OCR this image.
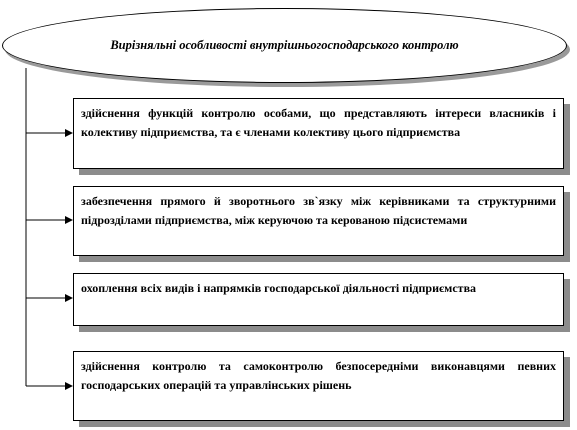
Вирізняльні особливості внутрішньогосподарського контролю
здійснення функцій контролю особами, що представляють інтереси власників і колективу підприємства, та є членами колективу цього підприємства
забезпечення прямого й зворотнього зв`язку між керівниками та структурними підрозділами підприємства, між керуючою та керованою підсистемами
охоплення всіх видів і напрямків господарської діяльності підприємства
здійснення контролю та самоконтролю безпосередніми виконавцями певних господарських операцій та управлінських рішень
